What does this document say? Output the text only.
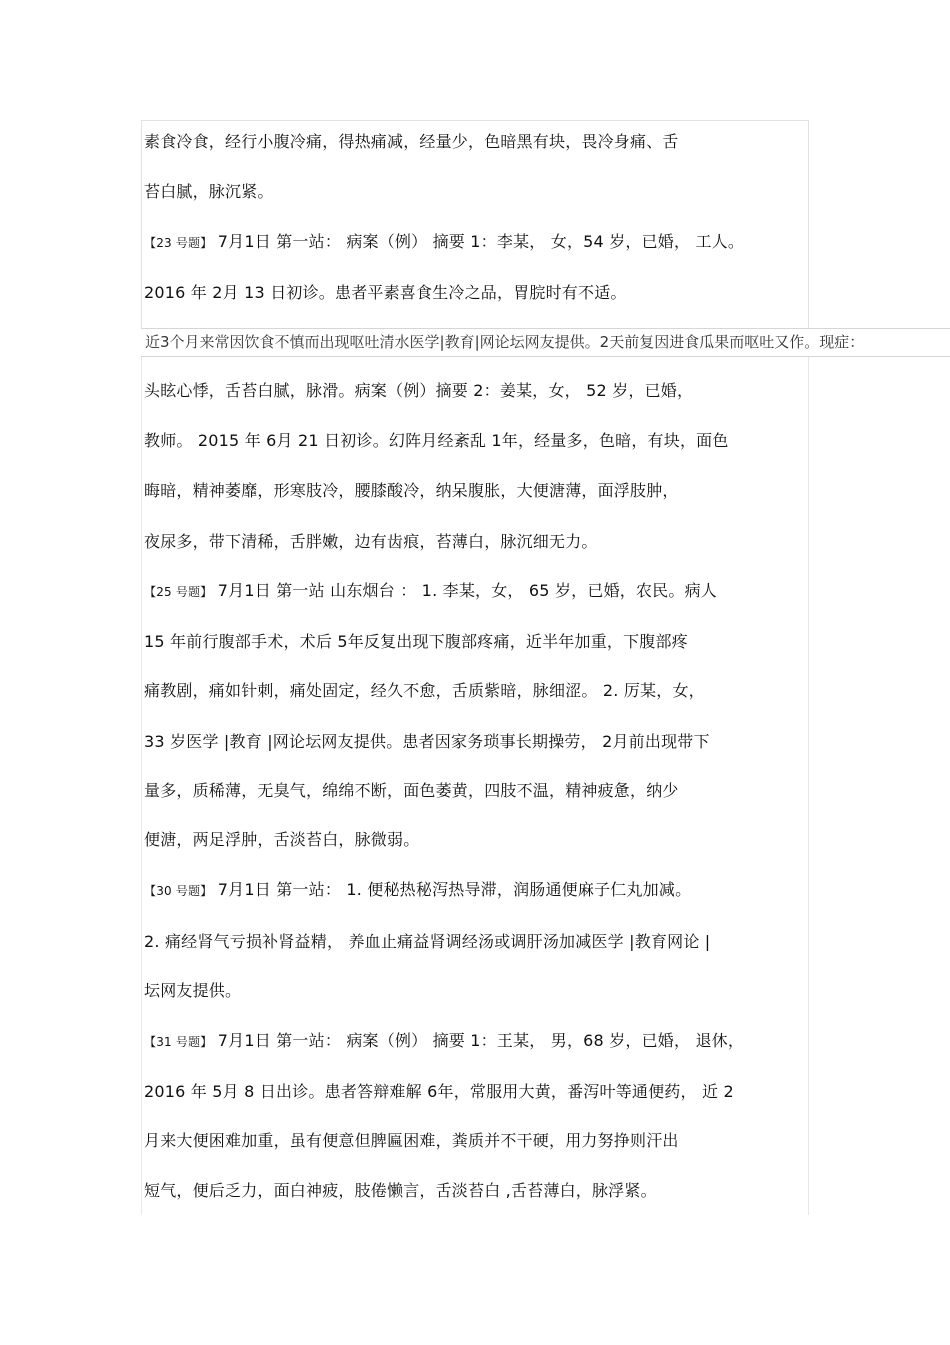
素食冷食，经行小腹冷痛，得热痛减，经量少，色暗黑有块，畏冷身痛、舌
苔白腻，脉沉紧。
【23 号题】 7月1日 第一站： 病案（例） 摘要 1：李某， 女，54 岁，已婚， 工人。
2016 年 2月 13 日初诊。患者平素喜食生冷之品，胃脘时有不适。
近3个月来常因饮食不慎而出现呕吐清水医学|教育|网论坛网友提供。2天前复因进食瓜果而呕吐又作。现症：
头眩心悸，舌苔白腻，脉滑。病案（例）摘要 2：姜某，女， 52 岁，已婚，
教师。 2015 年 6月 21 日初诊。幻阵月经紊乱 1年，经量多，色暗，有块，面色
晦暗，精神萎靡，形寒肢冷，腰膝酸冷，纳呆腹胀，大便溏薄，面浮肢肿，
夜尿多，带下清稀，舌胖嫩，边有齿痕，苔薄白，脉沉细无力。
【25 号题】 7月1日 第一站 山东烟台 ： 1. 李某，女， 65 岁，已婚，农民。病人
15 年前行腹部手术，术后 5年反复出现下腹部疼痛，近半年加重，下腹部疼
痛教剧，痛如针刺，痛处固定，经久不愈，舌质紫暗，脉细涩。 2. 厉某，女，
33 岁医学 |教育 |网论坛网友提供。患者因家务琐事长期操劳， 2月前出现带下
量多，质稀薄，无臭气，绵绵不断，面色萎黄，四肢不温，精神疲惫，纳少
便溏，两足浮肿，舌淡苔白，脉微弱。
【30 号题】 7月1日 第一站： 1. 便秘热秘泻热导滞，润肠通便麻子仁丸加减。
2. 痛经肾气亏损补肾益精， 养血止痛益肾调经汤或调肝汤加减医学 |教育网论 |
坛网友提供。
【31 号题】 7月1日 第一站： 病案（例） 摘要 1：王某， 男，68 岁，已婚， 退休，
2016 年 5月 8 日出诊。患者答辩难解 6年，常服用大黄，番泻叶等通便药， 近 2
月来大便困难加重，虽有便意但脾匾困难，粪质并不干硬，用力努挣则汗出
短气，便后乏力，面白神疲，肢倦懒言，舌淡苔白 ,舌苔薄白，脉浮紧。
